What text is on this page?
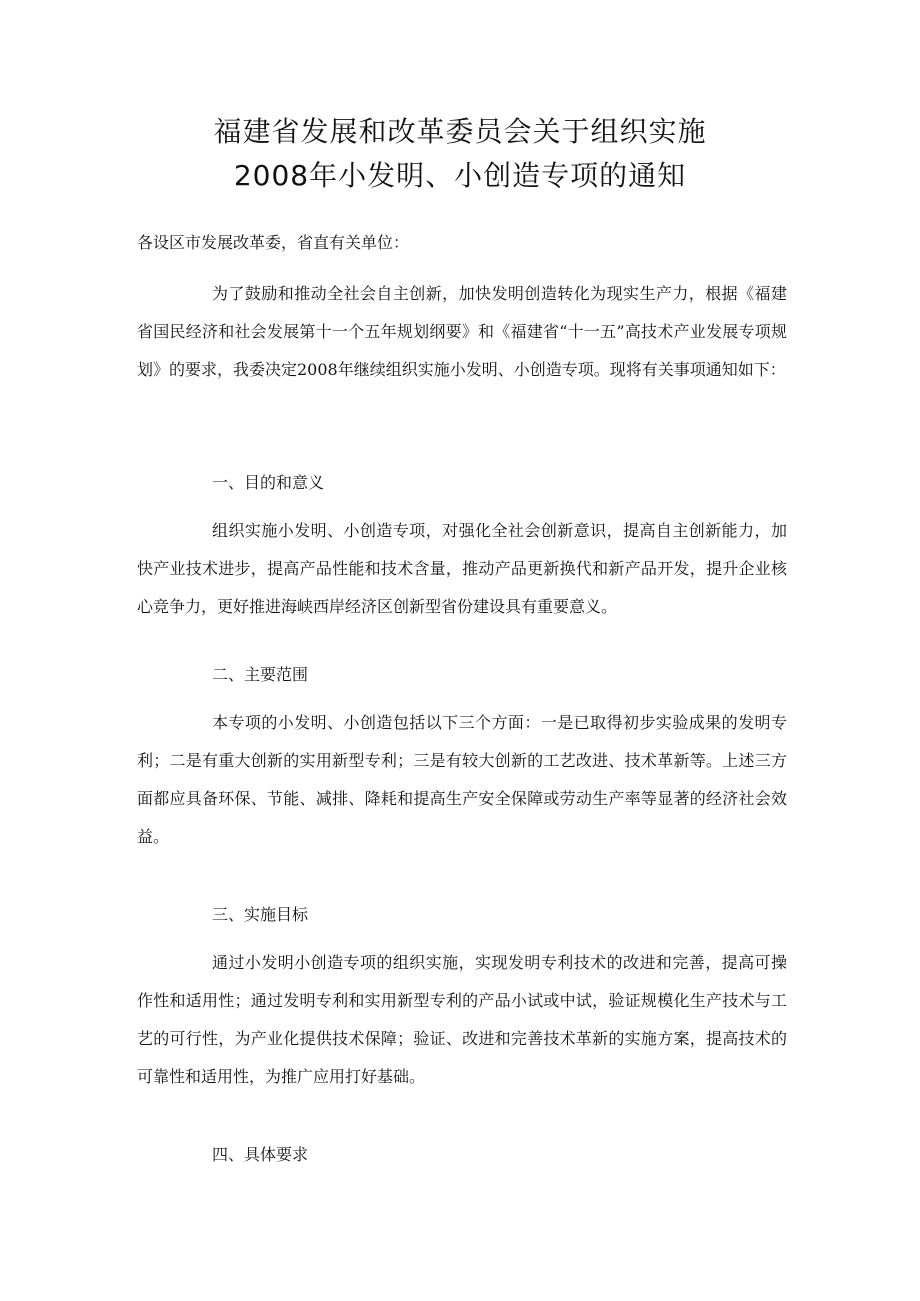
福建省发展和改革委员会关于组织实施
2008年小发明、小创造专项的通知
各设区市发展改革委，省直有关单位：

为了鼓励和推动全社会自主创新，加快发明创造转化为现实生产力，根据《福建省国民经济和社会发展第十一个五年规划纲要》和《福建省“十一五”高技术产业发展专项规划》的要求，我委决定2008年继续组织实施小发明、小创造专项。现将有关事项通知如下：

一、目的和意义

组织实施小发明、小创造专项，对强化全社会创新意识，提高自主创新能力，加快产业技术进步，提高产品性能和技术含量，推动产品更新换代和新产品开发，提升企业核心竞争力，更好推进海峡西岸经济区创新型省份建设具有重要意义。

二、主要范围

本专项的小发明、小创造包括以下三个方面：一是已取得初步实验成果的发明专利；二是有重大创新的实用新型专利；三是有较大创新的工艺改进、技术革新等。上述三方面都应具备环保、节能、减排、降耗和提高生产安全保障或劳动生产率等显著的经济社会效益。

三、实施目标

通过小发明小创造专项的组织实施，实现发明专利技术的改进和完善，提高可操作性和适用性；通过发明专利和实用新型专利的产品小试或中试，验证规模化生产技术与工艺的可行性，为产业化提供技术保障；验证、改进和完善技术革新的实施方案，提高技术的可靠性和适用性，为推广应用打好基础。

四、具体要求
